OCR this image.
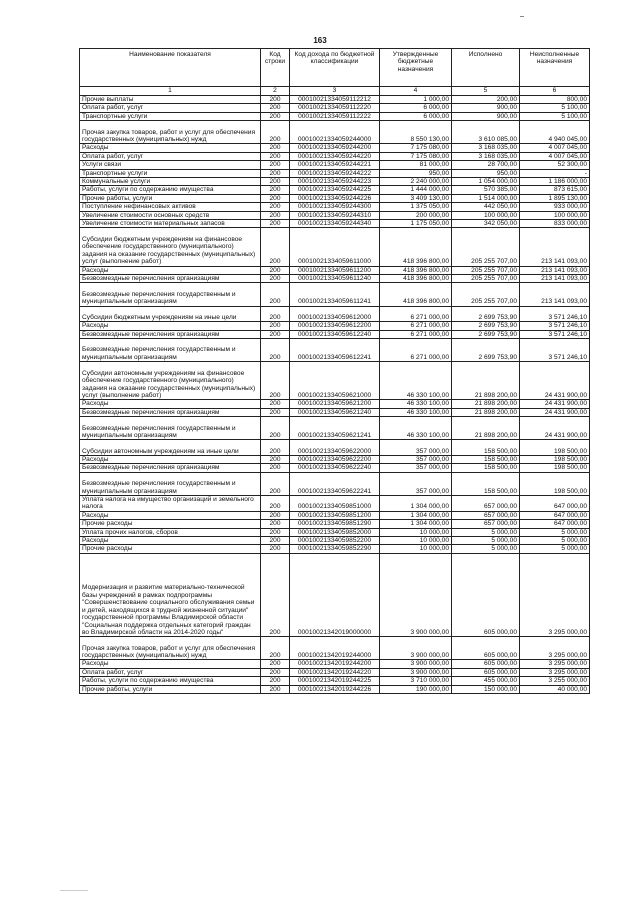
163
Наименование показателя	Код строки	Код дохода по бюджетной классификации	Утвержденные бюджетные назначения	Исполнено	Неисполненные назначения
1	2	3	4	5	6
Прочие выплаты	200	00010021334059112212	1 000,00	200,00	800,00
Оплата работ, услуг	200	00010021334059112220	6 000,00	900,00	5 100,00
Транспортные услуги	200	00010021334059112222	6 000,00	900,00	5 100,00
Прочая закупка товаров, работ и услуг для обеспечения государственных (муниципальных) нужд	200	00010021334059244000	8 550 130,00	3 610 085,00	4 940 045,00
Расходы	200	00010021334059244200	7 175 080,00	3 168 035,00	4 007 045,00
Оплата работ, услуг	200	00010021334059244220	7 175 080,00	3 168 035,00	4 007 045,00
Услуги связи	200	00010021334059244221	81 000,00	28 700,00	52 300,00
Транспортные услуги	200	00010021334059244222	950,00	950,00	-
Коммунальные услуги	200	00010021334059244223	2 240 000,00	1 054 000,00	1 186 000,00
Работы, услуги по содержанию имущества	200	00010021334059244225	1 444 000,00	570 385,00	873 615,00
Прочие работы, услуги	200	00010021334059244226	3 409 130,00	1 514 000,00	1 895 130,00
Поступление нефинансовых активов	200	00010021334059244300	1 375 050,00	442 050,00	933 000,00
Увеличение стоимости основных средств	200	00010021334059244310	200 000,00	100 000,00	100 000,00
Увеличение стоимости материальных запасов	200	00010021334059244340	1 175 050,00	342 050,00	833 000,00
Субсидии бюджетным учреждениям на финансовое обеспечение государственного (муниципального) задания на оказание государственных (муниципальных) услуг (выполнение работ)	200	00010021334059611000	418 396 800,00	205 255 707,00	213 141 093,00
Расходы	200	00010021334059611200	418 396 800,00	205 255 707,00	213 141 093,00
Безвозмездные перечисления организациям	200	00010021334059611240	418 396 800,00	205 255 707,00	213 141 093,00
Безвозмездные перечисления государственным и муниципальным организациям	200	00010021334059611241	418 396 800,00	205 255 707,00	213 141 093,00
Субсидии бюджетным учреждениям на иные цели	200	00010021334059612000	6 271 000,00	2 699 753,90	3 571 246,10
Расходы	200	00010021334059612200	6 271 000,00	2 699 753,90	3 571 246,10
Безвозмездные перечисления организациям	200	00010021334059612240	6 271 000,00	2 699 753,90	3 571 246,10
Безвозмездные перечисления государственным и муниципальным организациям	200	00010021334059612241	6 271 000,00	2 699 753,90	3 571 246,10
Субсидии автономным учреждениям на финансовое обеспечение государственного (муниципального) задания на оказание государственных (муниципальных) услуг (выполнение работ)	200	00010021334059621000	46 330 100,00	21 898 200,00	24 431 900,00
Расходы	200	00010021334059621200	46 330 100,00	21 898 200,00	24 431 900,00
Безвозмездные перечисления организациям	200	00010021334059621240	46 330 100,00	21 898 200,00	24 431 900,00
Безвозмездные перечисления государственным и муниципальным организациям	200	00010021334059621241	46 330 100,00	21 898 200,00	24 431 900,00
Субсидии автономным учреждениям на иные цели	200	00010021334059622000	357 000,00	158 500,00	198 500,00
Расходы	200	00010021334059622200	357 000,00	158 500,00	198 500,00
Безвозмездные перечисления организациям	200	00010021334059622240	357 000,00	158 500,00	198 500,00
Безвозмездные перечисления государственным и муниципальным организациям	200	00010021334059622241	357 000,00	158 500,00	198 500,00
Уплата налога на имущество организаций и земельного налога	200	00010021334059851000	1 304 000,00	657 000,00	647 000,00
Расходы	200	00010021334059851200	1 304 000,00	657 000,00	647 000,00
Прочие расходы	200	00010021334059851290	1 304 000,00	657 000,00	647 000,00
Уплата прочих налогов, сборов	200	00010021334059852000	10 000,00	5 000,00	5 000,00
Расходы	200	00010021334059852200	10 000,00	5 000,00	5 000,00
Прочие расходы	200	00010021334059852290	10 000,00	5 000,00	5 000,00
Модернизация и развитие материально-технической базы учреждений в рамках подпрограммы "Совершенствование социального обслуживания семьи и детей, находящихся в трудной жизненной ситуации" государственной программы Владимирской области "Социальная поддержка отдельных категорий граждан во Владимирской области на 2014-2020 годы"	200	00010021342019000000	3 900 000,00	605 000,00	3 295 000,00
Прочая закупка товаров, работ и услуг для обеспечения государственных (муниципальных) нужд	200	00010021342019244000	3 900 000,00	605 000,00	3 295 000,00
Расходы	200	00010021342019244200	3 900 000,00	605 000,00	3 295 000,00
Оплата работ, услуг	200	00010021342019244220	3 900 000,00	605 000,00	3 295 000,00
Работы, услуги по содержанию имущества	200	00010021342019244225	3 710 000,00	455 000,00	3 255 000,00
Прочие работы, услуги	200	00010021342019244226	190 000,00	150 000,00	40 000,00
